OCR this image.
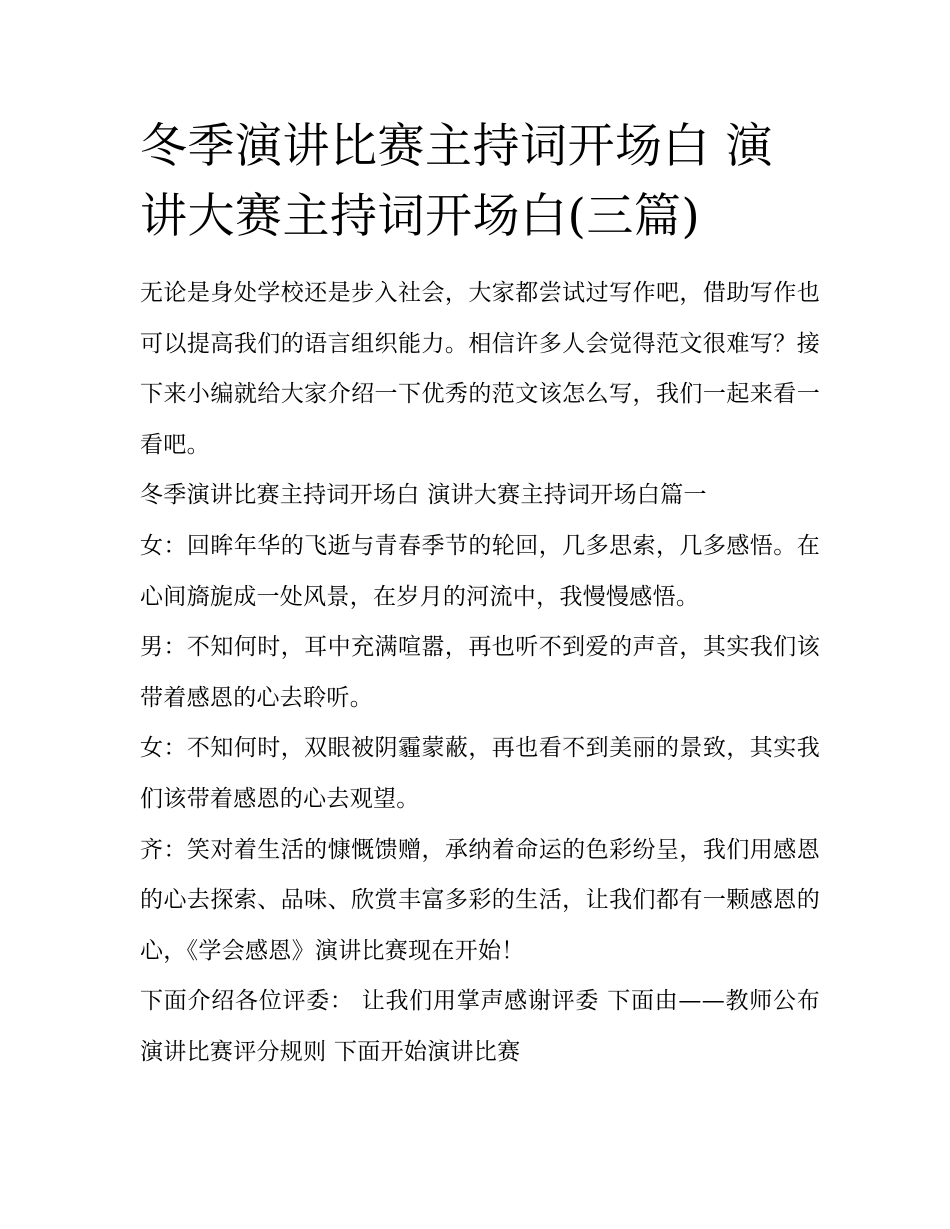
冬季演讲比赛主持词开场白 演讲大赛主持词开场白(三篇)

无论是身处学校还是步入社会，大家都尝试过写作吧，借助写作也可以提高我们的语言组织能力。相信许多人会觉得范文很难写？接下来小编就给大家介绍一下优秀的范文该怎么写，我们一起来看一看吧。

冬季演讲比赛主持词开场白 演讲大赛主持词开场白篇一

女：回眸年华的飞逝与青春季节的轮回，几多思索，几多感悟。在心间旖旎成一处风景，在岁月的河流中，我慢慢感悟。

男：不知何时，耳中充满喧嚣，再也听不到爱的声音，其实我们该带着感恩的心去聆听。

女：不知何时，双眼被阴霾蒙蔽，再也看不到美丽的景致，其实我们该带着感恩的心去观望。

齐：笑对着生活的慷慨馈赠，承纳着命运的色彩纷呈，我们用感恩的心去探索、品味、欣赏丰富多彩的生活，让我们都有一颗感恩的心，《学会感恩》演讲比赛现在开始！

下面介绍各位评委： 让我们用掌声感谢评委 下面由——教师公布演讲比赛评分规则 下面开始演讲比赛
